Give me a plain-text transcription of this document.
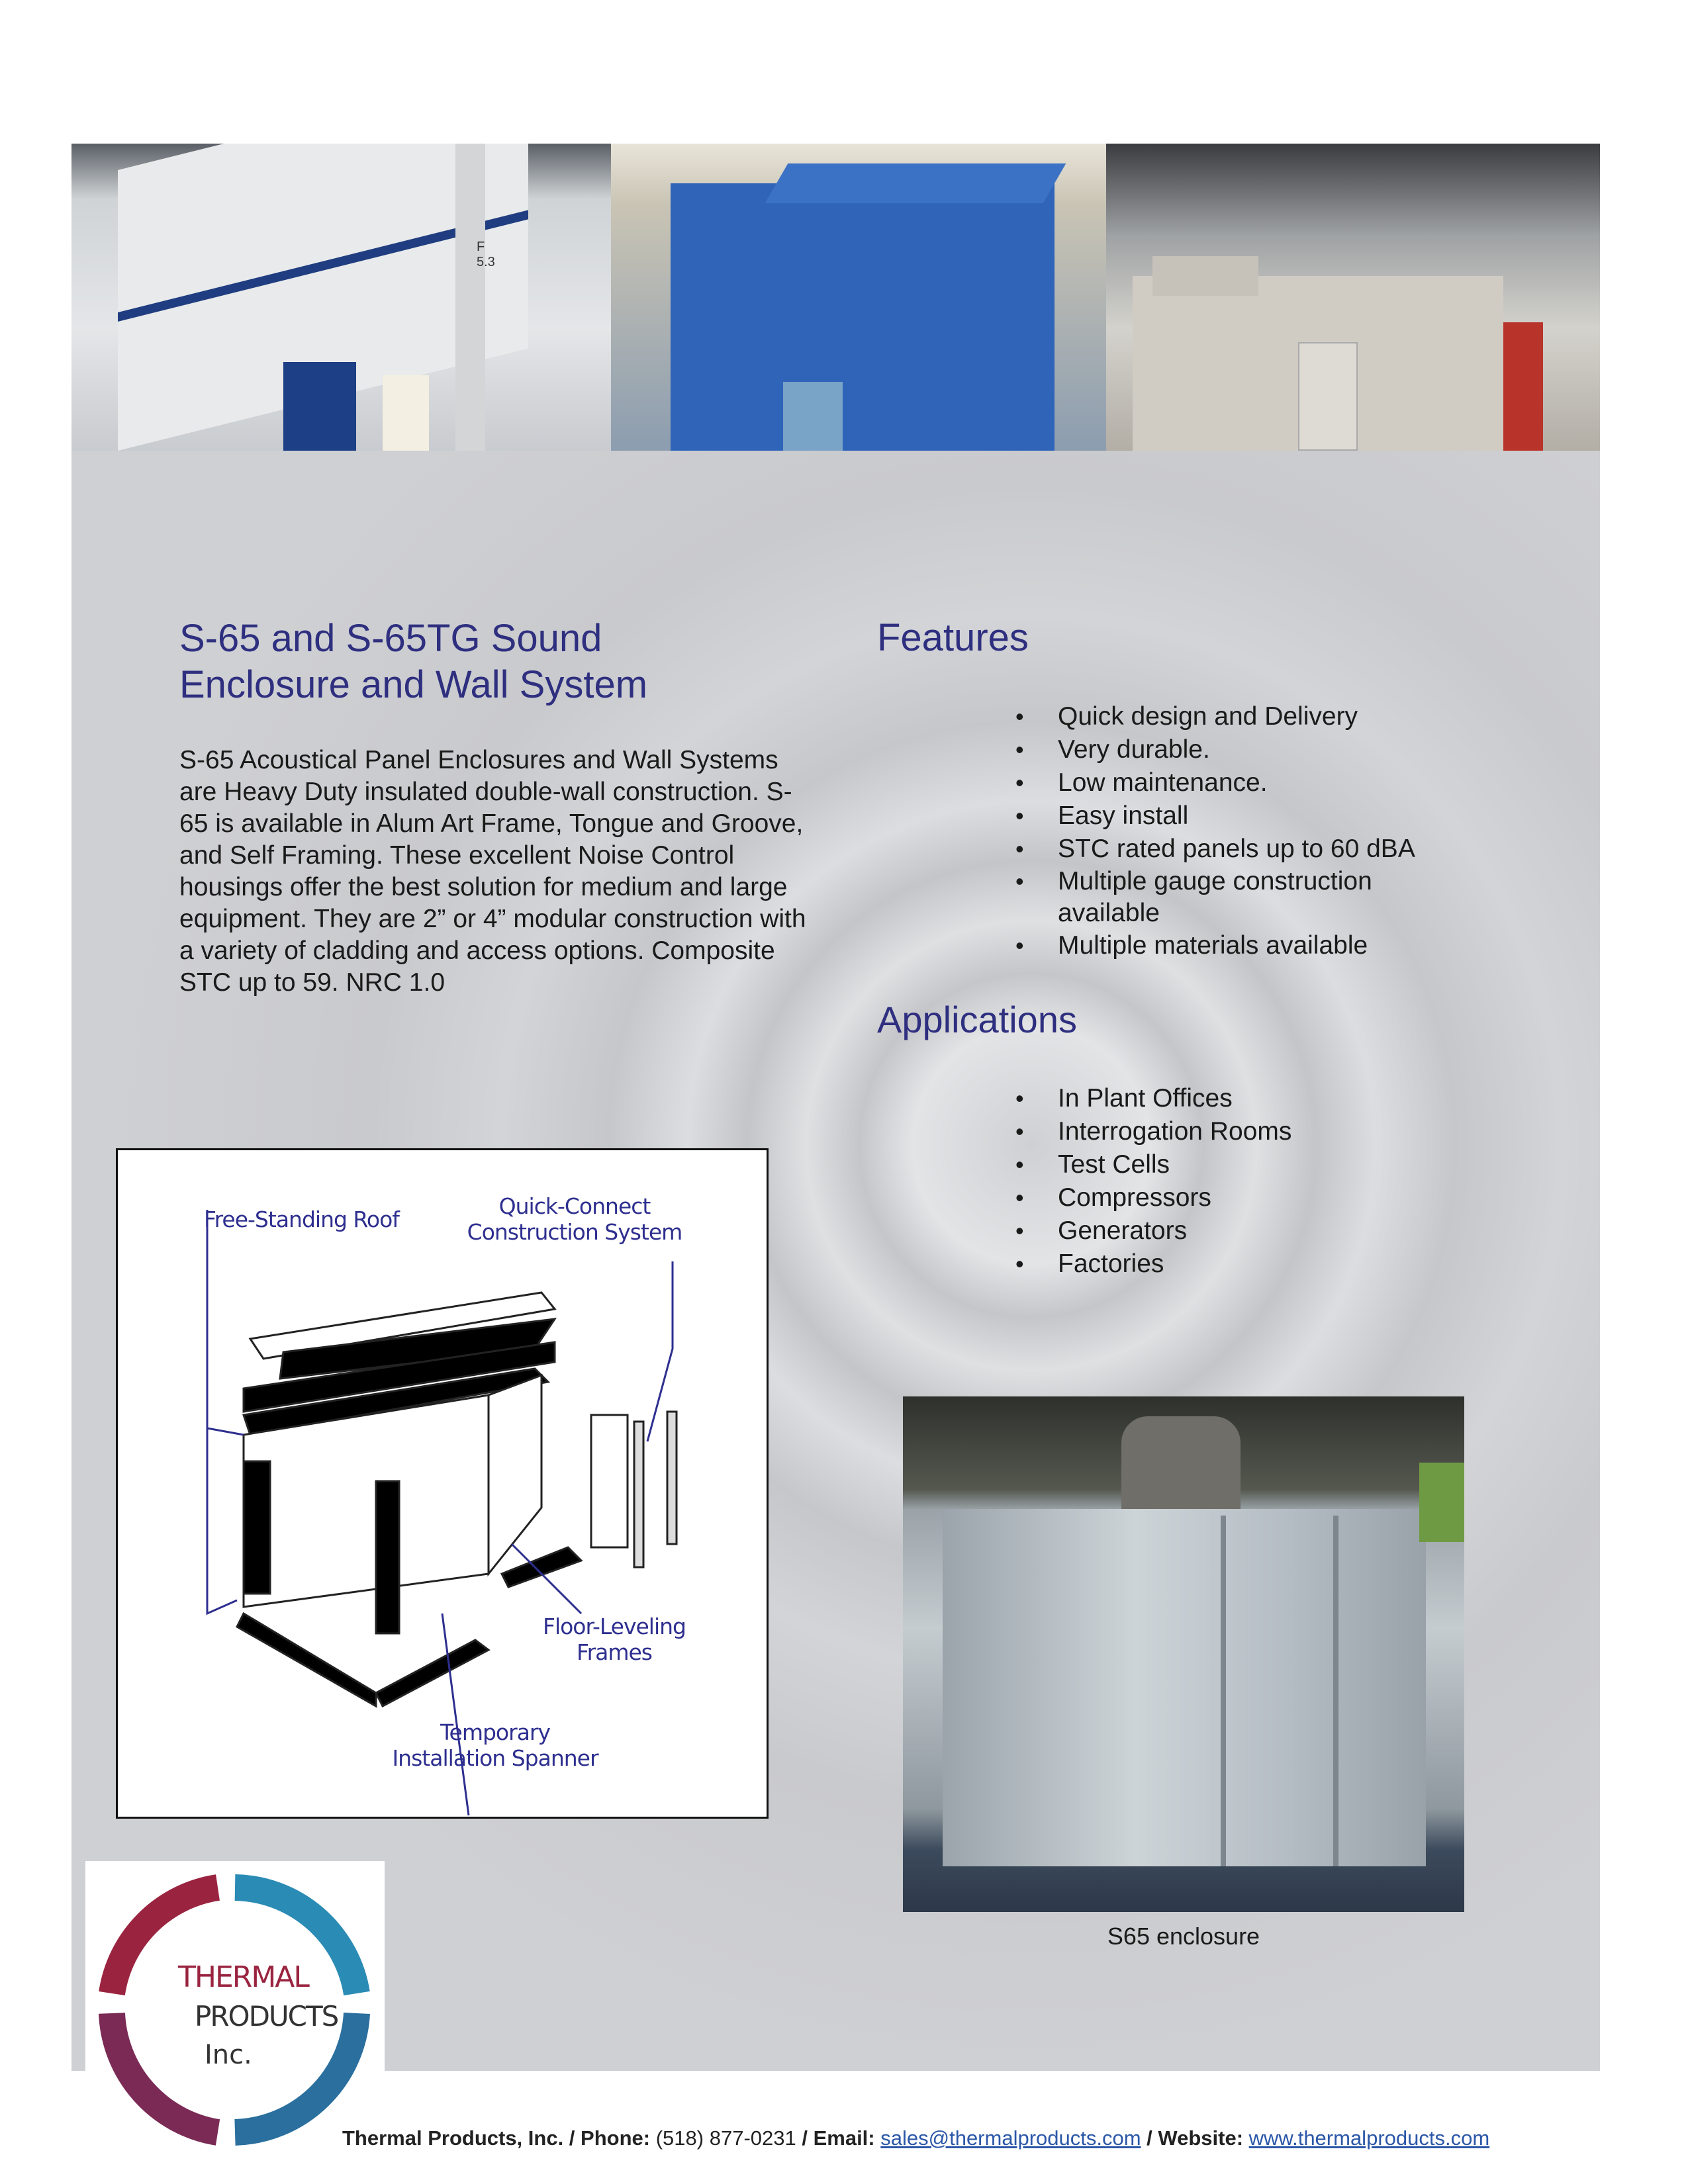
F 5.3
S-65 and S-65TG Sound
Enclosure and Wall System

S-65 Acoustical Panel Enclosures and Wall Systems are Heavy Duty insulated double-wall construction. S-65 is available in Alum Art Frame, Tongue and Groove, and Self Framing. These excellent Noise Control housings offer the best solution for medium and large equipment. They are 2” or 4” modular construction with a variety of cladding and access options. Composite STC up to 59. NRC 1.0

Features
• Quick design and Delivery
• Very durable.
• Low maintenance.
• Easy install
• STC rated panels up to 60 dBA
• Multiple gauge construction available
• Multiple materials available
Applications
• In Plant Offices
• Interrogation Rooms
• Test Cells
• Compressors
• Generators
• Factories
Free-Standing Roof
Quick-Connect
Construction System
Floor-Leveling
Frames
Temporary
Installation Spanner
S65 enclosure
THERMAL
PRODUCTS
Inc.
Thermal Products, Inc. / Phone: (518) 877-0231 / Email: sales@thermalproducts.com / Website: www.thermalproducts.com
